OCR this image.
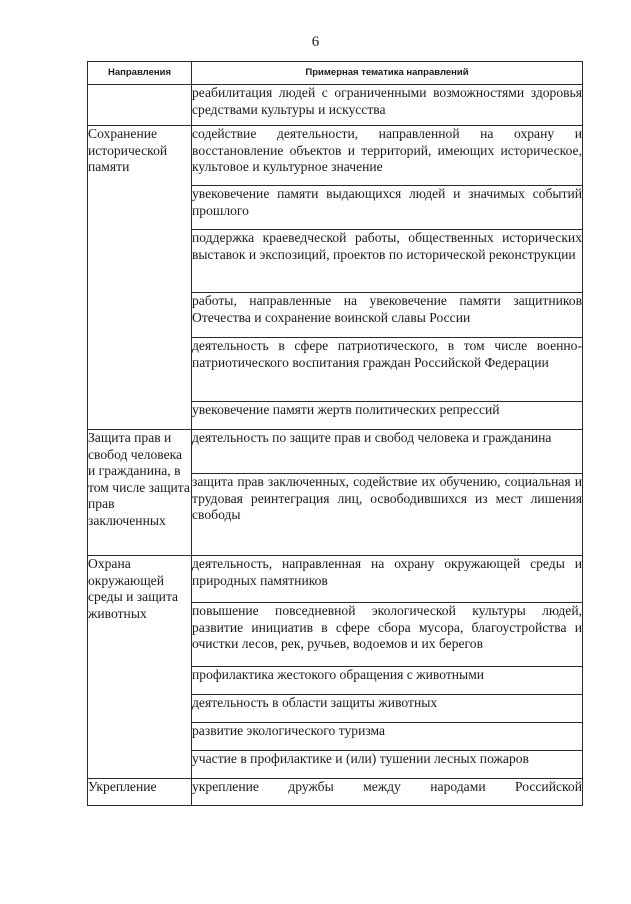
6
Направления	Примерная тематика направлений
	реабилитация людей с ограниченными возможностями здоровья средствами культуры и искусства
Сохранение исторической памяти	содействие деятельности, направленной на охрану и восстановление объектов и территорий, имеющих историческое, культовое и культурное значение
	увековечение памяти выдающихся людей и значимых событий прошлого
	поддержка краеведческой работы, общественных исторических выставок и экспозиций, проектов по исторической реконструкции
	работы, направленные на увековечение памяти защитников Отечества и сохранение воинской славы России
	деятельность в сфере патриотического, в том числе военно-патриотического воспитания граждан Российской Федерации
	увековечение памяти жертв политических репрессий
Защита прав и свобод человека и гражданина, в том числе защита прав заключенных	деятельность по защите прав и свобод человека и гражданина
	защита прав заключенных, содействие их обучению, социальная и трудовая реинтеграция лиц, освободившихся из мест лишения свободы
Охрана окружающей среды и защита животных	деятельность, направленная на охрану окружающей среды и природных памятников
	повышение повседневной экологической культуры людей, развитие инициатив в сфере сбора мусора, благоустройства и очистки лесов, рек, ручьев, водоемов и их берегов
	профилактика жестокого обращения с животными
	деятельность в области защиты животных
	развитие экологического туризма
	участие в профилактике и (или) тушении лесных пожаров
Укрепление	укрепление дружбы между народами Российской
